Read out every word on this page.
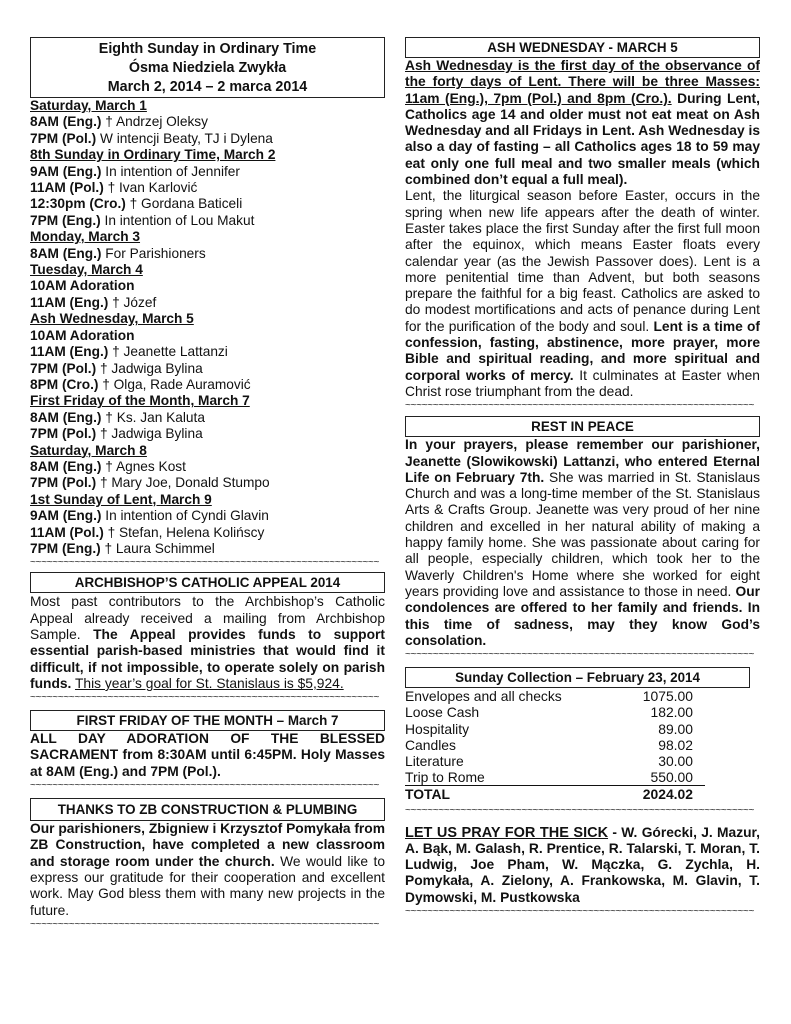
Eighth Sunday in Ordinary Time
Ósma Niedziela Zwykła
March 2, 2014 – 2 marca 2014
Saturday, March 1
8AM (Eng.) † Andrzej Oleksy
7PM (Pol.) W intencji Beaty, TJ i Dylena
8th Sunday in Ordinary Time, March 2
9AM (Eng.) In intention of Jennifer
11AM (Pol.) † Ivan Karlović
12:30pm (Cro.) † Gordana Baticeli
7PM (Eng.) In intention of Lou Makut
Monday, March 3
8AM (Eng.) For Parishioners
Tuesday, March 4
10AM Adoration
11AM (Eng.) † Józef
Ash Wednesday, March 5
10AM Adoration
11AM (Eng.) † Jeanette Lattanzi
7PM (Pol.) † Jadwiga Bylina
8PM (Cro.) † Olga, Rade Auramović
First Friday of the Month, March 7
8AM (Eng.) † Ks. Jan Kaluta
7PM (Pol.) † Jadwiga Bylina
Saturday, March 8
8AM (Eng.) † Agnes Kost
7PM (Pol.) † Mary Joe, Donald Stumpo
1st Sunday of Lent, March 9
9AM (Eng.) In intention of Cyndi Glavin
11AM (Pol.) † Stefan, Helena Kolińscy
7PM (Eng.) † Laura Schimmel
~~~~~~~~~~~~~~~~~~~~~~~~~~~~~~~~~~~~~~~~~~~~~~~~~~~~~~~~~~~~~~~
ARCHBISHOP’S CATHOLIC APPEAL 2014
Most past contributors to the Archbishop’s Catholic Appeal already received a mailing from Archbishop Sample. The Appeal provides funds to support essential parish-based ministries that would find it difficult, if not impossible, to operate solely on parish funds. This year’s goal for St. Stanislaus is $5,924.
~~~~~~~~~~~~~~~~~~~~~~~~~~~~~~~~~~~~~~~~~~~~~~~~~~~~~~~~~~~~~~~
FIRST FRIDAY OF THE MONTH – March 7
ALL DAY ADORATION OF THE BLESSED SACRAMENT from 8:30AM until 6:45PM. Holy Masses at 8AM (Eng.) and 7PM (Pol.).
~~~~~~~~~~~~~~~~~~~~~~~~~~~~~~~~~~~~~~~~~~~~~~~~~~~~~~~~~~~~~~~
THANKS TO ZB CONSTRUCTION & PLUMBING
Our parishioners, Zbigniew i Krzysztof Pomykała from ZB Construction, have completed a new classroom and storage room under the church. We would like to express our gratitude for their cooperation and excellent work. May God bless them with many new projects in the future.
~~~~~~~~~~~~~~~~~~~~~~~~~~~~~~~~~~~~~~~~~~~~~~~~~~~~~~~~~~~~~~~
ASH WEDNESDAY - MARCH 5
Ash Wednesday is the first day of the observance of the forty days of Lent. There will be three Masses: 11am (Eng.), 7pm (Pol.) and 8pm (Cro.). During Lent, Catholics age 14 and older must not eat meat on Ash Wednesday and all Fridays in Lent. Ash Wednesday is also a day of fasting – all Catholics ages 18 to 59 may eat only one full meal and two smaller meals (which combined don’t equal a full meal).
Lent, the liturgical season before Easter, occurs in the spring when new life appears after the death of winter. Easter takes place the first Sunday after the first full moon after the equinox, which means Easter floats every calendar year (as the Jewish Passover does). Lent is a more penitential time than Advent, but both seasons prepare the faithful for a big feast. Catholics are asked to do modest mortifications and acts of penance during Lent for the purification of the body and soul. Lent is a time of confession, fasting, abstinence, more prayer, more Bible and spiritual reading, and more spiritual and corporal works of mercy. It culminates at Easter when Christ rose triumphant from the dead.
~~~~~~~~~~~~~~~~~~~~~~~~~~~~~~~~~~~~~~~~~~~~~~~~~~~~~~~~~~~~~~~
REST IN PEACE
In your prayers, please remember our parishioner, Jeanette (Slowikowski) Lattanzi, who entered Eternal Life on February 7th. She was married in St. Stanislaus Church and was a long-time member of the St. Stanislaus Arts & Crafts Group. Jeanette was very proud of her nine children and excelled in her natural ability of making a happy family home. She was passionate about caring for all people, especially children, which took her to the Waverly Children's Home where she worked for eight years providing love and assistance to those in need. Our condolences are offered to her family and friends. In this time of sadness, may they know God’s consolation.
~~~~~~~~~~~~~~~~~~~~~~~~~~~~~~~~~~~~~~~~~~~~~~~~~~~~~~~~~~~~~~~
Sunday Collection – February 23, 2014
Envelopes and all checks	1075.00
Loose Cash	182.00
Hospitality	89.00
Candles	98.02
Literature	30.00
Trip to Rome	550.00
TOTAL	2024.02
~~~~~~~~~~~~~~~~~~~~~~~~~~~~~~~~~~~~~~~~~~~~~~~~~~~~~~~~~~~~~~~
LET US PRAY FOR THE SICK - W. Górecki, J. Mazur, A. Bąk, M. Galash, R. Prentice, R. Talarski, T. Moran, T. Ludwig, Joe Pham, W. Mączka, G. Zychla, H. Pomykała, A. Zielony, A. Frankowska, M. Glavin, T. Dymowski, M. Pustkowska
~~~~~~~~~~~~~~~~~~~~~~~~~~~~~~~~~~~~~~~~~~~~~~~~~~~~~~~~~~~~~~~
